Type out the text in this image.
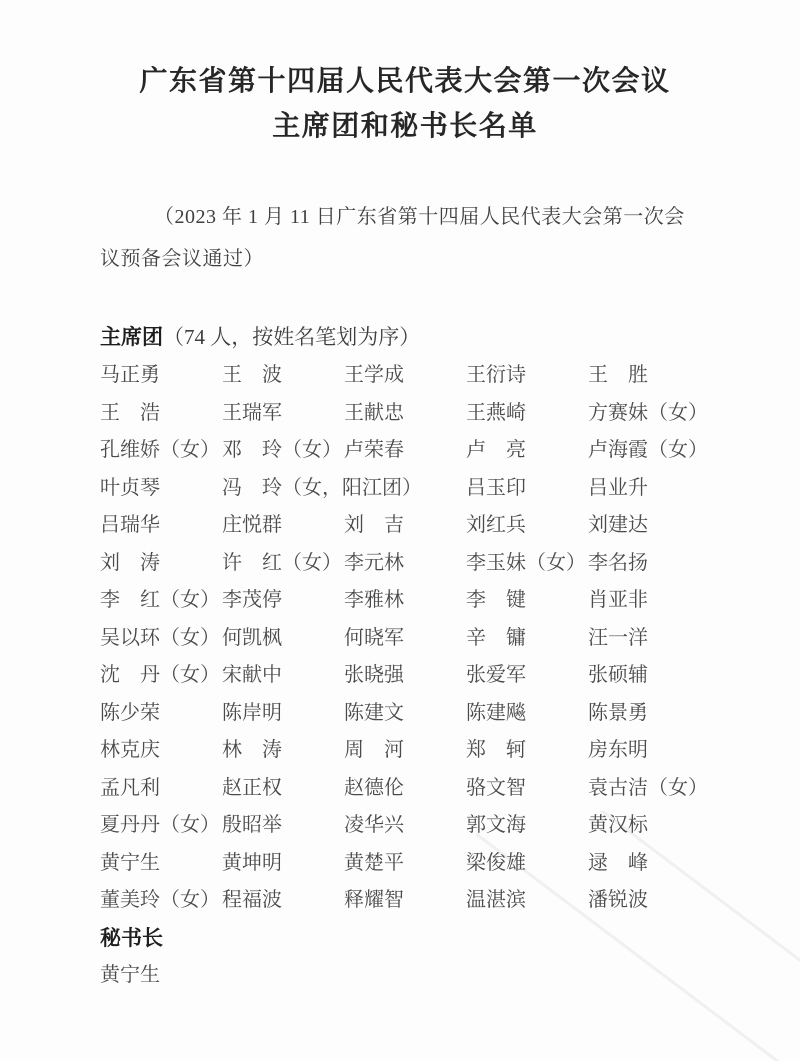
广东省第十四届人民代表大会第一次会议
主席团和秘书长名单

（2023 年 1 月 11 日广东省第十四届人民代表大会第一次会

议预备会议通过）

主席团（74 人，按姓名笔划为序）
马正勇	王　波	王学成	王衍诗	王　胜
王　浩	王瑞军	王献忠	王燕崎	方赛妹（女）
孔维娇（女） 邓　玲（女） 卢荣春	卢　亮	卢海霞（女）
叶贞琴	冯　玲（女，阳江团）	吕玉印	吕业升
吕瑞华	庄悦群	刘　吉	刘红兵	刘建达
刘　涛	许　红（女） 李元林	李玉妹（女） 李名扬
李　红（女） 李茂停	李雅林	李　键	肖亚非
吴以环（女） 何凯枫	何晓军	辛　镛	汪一洋
沈　丹（女） 宋献中	张晓强	张爱军	张硕辅
陈少荣	陈岸明	陈建文	陈建飚	陈景勇
林克庆	林　涛	周　河	郑　轲	房东明
孟凡利	赵正权	赵德伦	骆文智	袁古洁（女）
夏丹丹（女） 殷昭举	凌华兴	郭文海	黄汉标
黄宁生	黄坤明	黄楚平	梁俊雄	逯　峰
董美玲（女） 程福波	释耀智	温湛滨	潘锐波
秘书长
黄宁生
